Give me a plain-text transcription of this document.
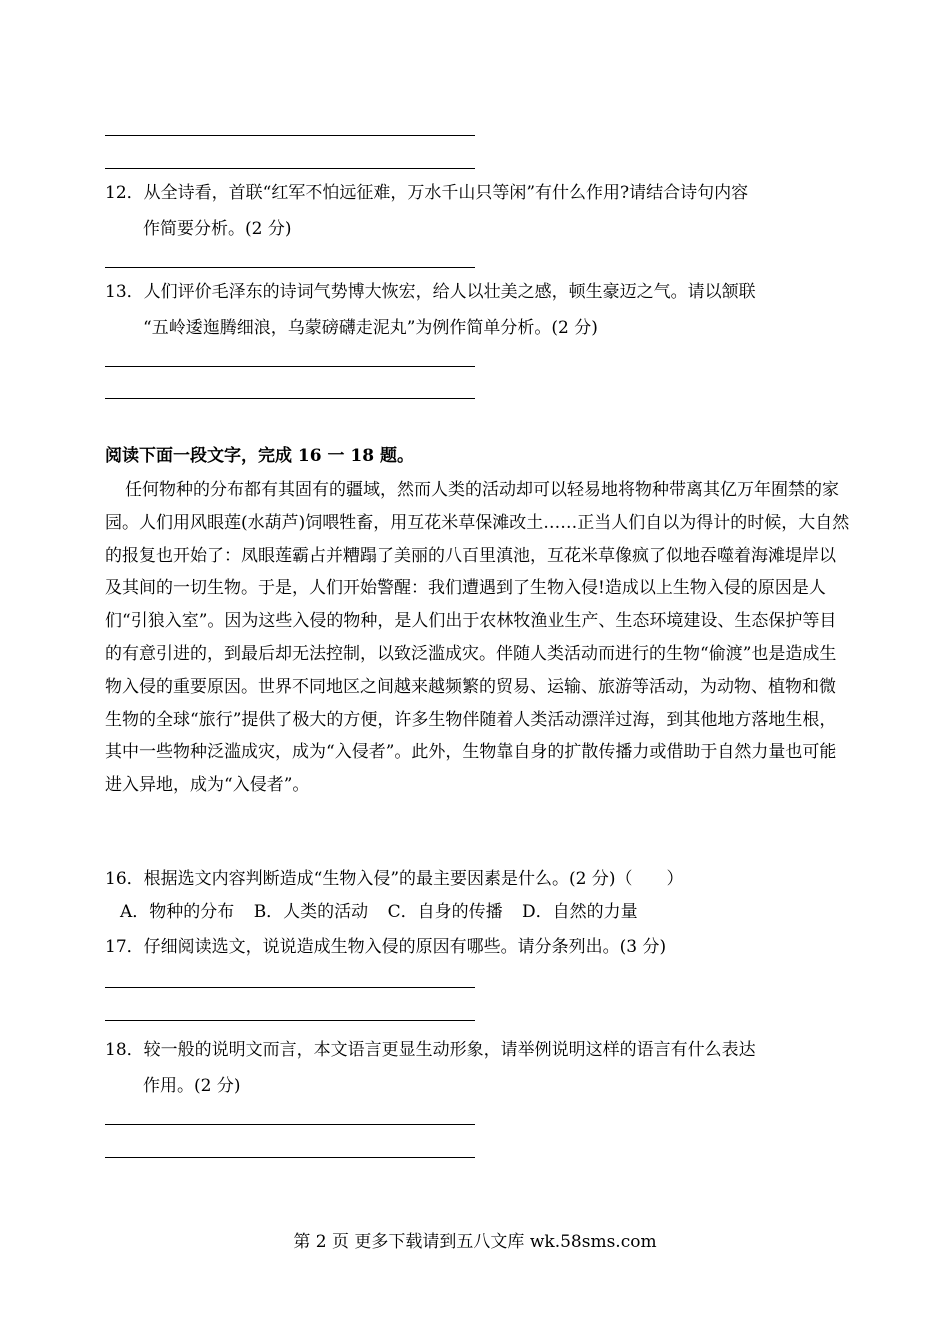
12．从全诗看，首联“红军不怕远征难，万水千山只等闲”有什么作用?请结合诗句内容
作简要分析。(2 分)
13．人们评价毛泽东的诗词气势博大恢宏，给人以壮美之感，顿生豪迈之气。请以颔联
“五岭逶迤腾细浪，乌蒙磅礴走泥丸”为例作简单分析。(2 分)
阅读下面一段文字，完成 16 一 18 题。
任何物种的分布都有其固有的疆域，然而人类的活动却可以轻易地将物种带离其亿万年囿禁的家园。人们用风眼莲(水葫芦)饲喂牲畜，用互花米草保滩改土……正当人们自以为得计的时候，大自然的报复也开始了：凤眼莲霸占并糟蹋了美丽的八百里滇池，互花米草像疯了似地吞噬着海滩堤岸以及其间的一切生物。于是，人们开始警醒：我们遭遇到了生物入侵!造成以上生物入侵的原因是人们“引狼入室”。因为这些入侵的物种，是人们出于农林牧渔业生产、生态环境建设、生态保护等目的有意引进的，到最后却无法控制，以致泛滥成灾。伴随人类活动而进行的生物“偷渡”也是造成生物入侵的重要原因。世界不同地区之间越来越频繁的贸易、运输、旅游等活动，为动物、植物和微生物的全球“旅行”提供了极大的方便，许多生物伴随着人类活动漂洋过海，到其他地方落地生根，其中一些物种泛滥成灾，成为“入侵者”。此外，生物靠自身的扩散传播力或借助于自然力量也可能进入异地，成为“入侵者”。
16．根据选文内容判断造成“生物入侵”的最主要因素是什么。(2 分)（　　）
A．物种的分布 B．人类的活动 C．自身的传播 D．自然的力量
17．仔细阅读选文，说说造成生物入侵的原因有哪些。请分条列出。(3 分)
18．较一般的说明文而言，本文语言更显生动形象，请举例说明这样的语言有什么表达
作用。(2 分)
第 2 页 更多下载请到五八文库 wk.58sms.com
